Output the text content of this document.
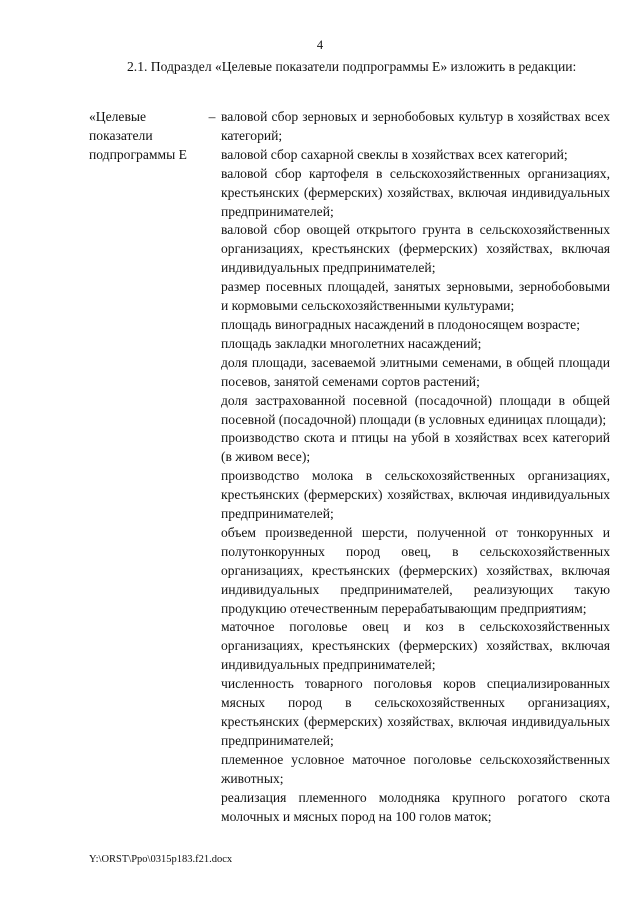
4

2.1. Подраздел «Целевые показатели подпрограммы Е» изложить в редакции:

«Целевые показатели подпрограммы Е

– валовой сбор зерновых и зернобобовых культур в хозяйствах всех категорий;
валовой сбор сахарной свеклы в хозяйствах всех категорий;
валовой сбор картофеля в сельскохозяйственных организациях, крестьянских (фермерских) хозяйствах, включая индивидуальных предпринимателей;
валовой сбор овощей открытого грунта в сельскохозяйственных организациях, крестьянских (фермерских) хозяйствах, включая индивидуальных предпринимателей;
размер посевных площадей, занятых зерновыми, зернобобовыми и кормовыми сельскохозяйственными культурами;
площадь виноградных насаждений в плодоносящем возрасте;
площадь закладки многолетних насаждений;
доля площади, засеваемой элитными семенами, в общей площади посевов, занятой семенами сортов растений;
доля застрахованной посевной (посадочной) площади в общей посевной (посадочной) площади (в условных единицах площади);
производство скота и птицы на убой в хозяйствах всех категорий (в живом весе);
производство молока в сельскохозяйственных организациях, крестьянских (фермерских) хозяйствах, включая индивидуальных предпринимателей;
объем произведенной шерсти, полученной от тонкорунных и полутонкорунных пород овец, в сельскохозяйственных организациях, крестьянских (фермерских) хозяйствах, включая индивидуальных предпринимателей, реализующих такую продукцию отечественным перерабатывающим предприятиям;
маточное поголовье овец и коз в сельскохозяйственных организациях, крестьянских (фермерских) хозяйствах, включая индивидуальных предпринимателей;
численность товарного поголовья коров специализированных мясных пород в сельскохозяйственных организациях, крестьянских (фермерских) хозяйствах, включая индивидуальных предпринимателей;
племенное условное маточное поголовье сельскохозяйственных животных;
реализация племенного молодняка крупного рогатого скота молочных и мясных пород на 100 голов маток;
Y:\ORST\Ppo\0315p183.f21.docx
